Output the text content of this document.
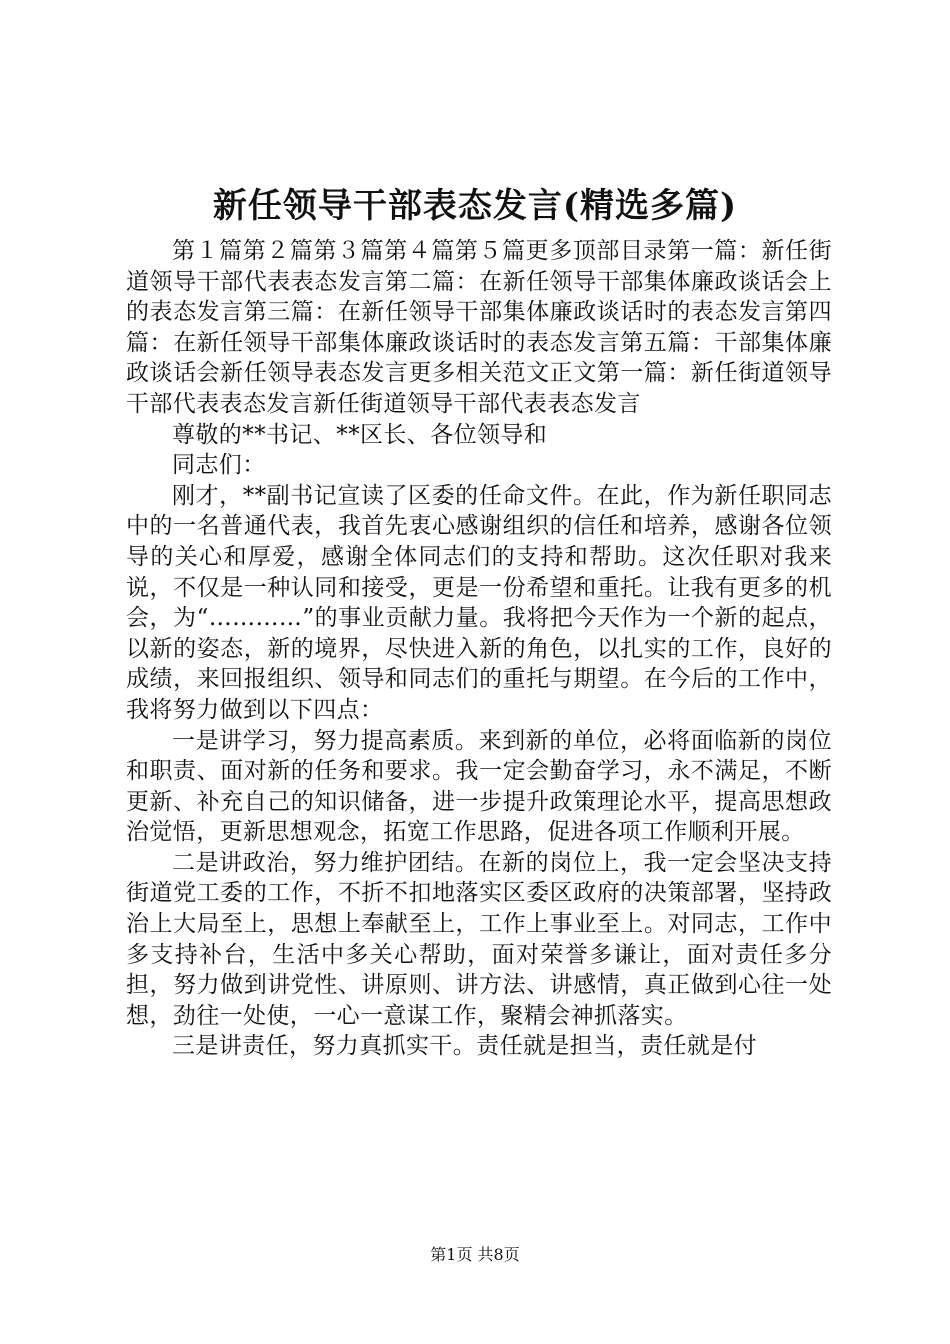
新任领导干部表态发言(精选多篇)

第１篇第２篇第３篇第４篇第５篇更多顶部目录第一篇：新任街道领导干部代表表态发言第二篇：在新任领导干部集体廉政谈话会上的表态发言第三篇：在新任领导干部集体廉政谈话时的表态发言第四篇：在新任领导干部集体廉政谈话时的表态发言第五篇：干部集体廉政谈话会新任领导表态发言更多相关范文正文第一篇：新任街道领导干部代表表态发言新任街道领导干部代表表态发言

尊敬的**书记、**区长、各位领导和

同志们：

刚才，**副书记宣读了区委的任命文件。在此，作为新任职同志中的一名普通代表，我首先衷心感谢组织的信任和培养，感谢各位领导的关心和厚爱，感谢全体同志们的支持和帮助。这次任职对我来说，不仅是一种认同和接受，更是一份希望和重托。让我有更多的机会，为“…………”的事业贡献力量。我将把今天作为一个新的起点，以新的姿态，新的境界，尽快进入新的角色，以扎实的工作，良好的成绩，来回报组织、领导和同志们的重托与期望。在今后的工作中，我将努力做到以下四点：

一是讲学习，努力提高素质。来到新的单位，必将面临新的岗位和职责、面对新的任务和要求。我一定会勤奋学习，永不满足，不断更新、补充自己的知识储备，进一步提升政策理论水平，提高思想政治觉悟，更新思想观念，拓宽工作思路，促进各项工作顺利开展。

二是讲政治，努力维护团结。在新的岗位上，我一定会坚决支持街道党工委的工作，不折不扣地落实区委区政府的决策部署，坚持政治上大局至上，思想上奉献至上，工作上事业至上。对同志，工作中多支持补台，生活中多关心帮助，面对荣誉多谦让，面对责任多分担，努力做到讲党性、讲原则、讲方法、讲感情，真正做到心往一处想，劲往一处使，一心一意谋工作，聚精会神抓落实。

三是讲责任，努力真抓实干。责任就是担当，责任就是付

第1页 共8页
